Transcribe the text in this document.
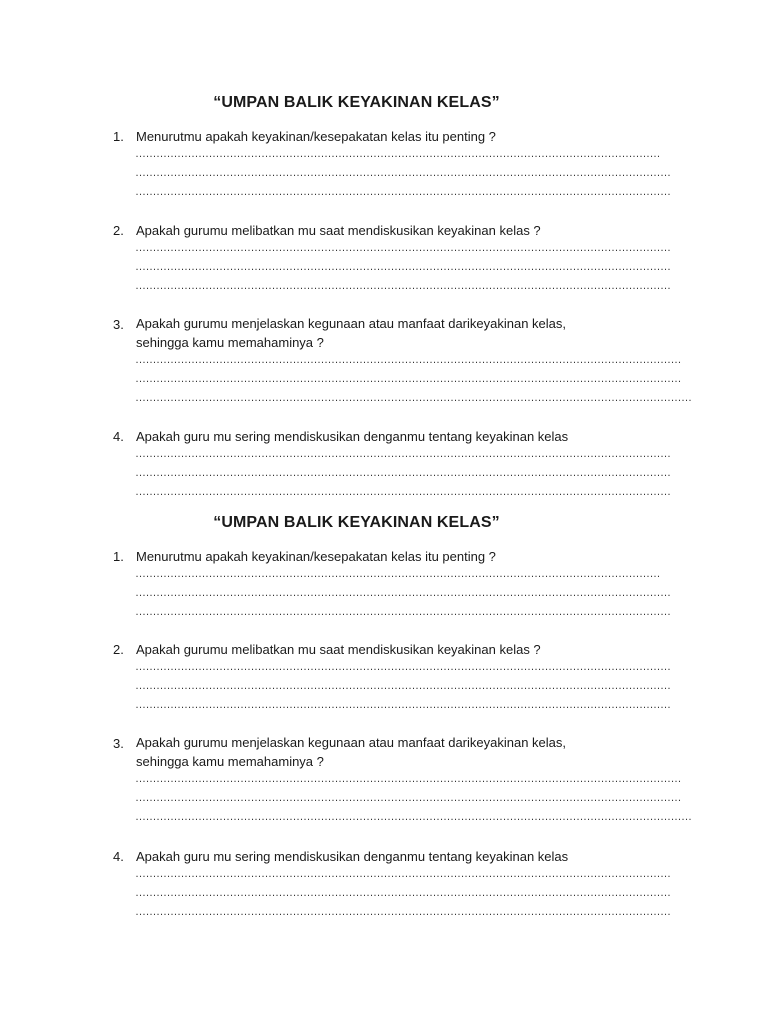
“UMPAN BALIK KEYAKINAN KELAS”
1. Menurutmu apakah keyakinan/kesepakatan kelas itu penting ?
……………………………………………………………………………………………………………………………………
………………………………………………………………………………………………………………………………………
………………………………………………………………………………………………………………………………………
2. Apakah gurumu melibatkan mu saat mendiskusikan keyakinan kelas ?
………………………………………………………………………………………………………………………………………
………………………………………………………………………………………………………………………………………
………………………………………………………………………………………………………………………………………
3. Apakah gurumu menjelaskan kegunaan atau manfaat darikeyakinan kelas, sehingga kamu memahaminya ?
…………………………………………………………………………………………………………………………………………
…………………………………………………………………………………………………………………………………………
……………………………………………………………………………………………………………………………………………
4. Apakah guru mu sering mendiskusikan denganmu tentang keyakinan kelas
………………………………………………………………………………………………………………………………………
………………………………………………………………………………………………………………………………………
………………………………………………………………………………………………………………………………………
“UMPAN BALIK KEYAKINAN KELAS”
1. Menurutmu apakah keyakinan/kesepakatan kelas itu penting ?
……………………………………………………………………………………………………………………………………
………………………………………………………………………………………………………………………………………
………………………………………………………………………………………………………………………………………
2. Apakah gurumu melibatkan mu saat mendiskusikan keyakinan kelas ?
………………………………………………………………………………………………………………………………………
………………………………………………………………………………………………………………………………………
………………………………………………………………………………………………………………………………………
3. Apakah gurumu menjelaskan kegunaan atau manfaat darikeyakinan kelas, sehingga kamu memahaminya ?
…………………………………………………………………………………………………………………………………………
…………………………………………………………………………………………………………………………………………
……………………………………………………………………………………………………………………………………………
4. Apakah guru mu sering mendiskusikan denganmu tentang keyakinan kelas
………………………………………………………………………………………………………………………………………
………………………………………………………………………………………………………………………………………
………………………………………………………………………………………………………………………………………
